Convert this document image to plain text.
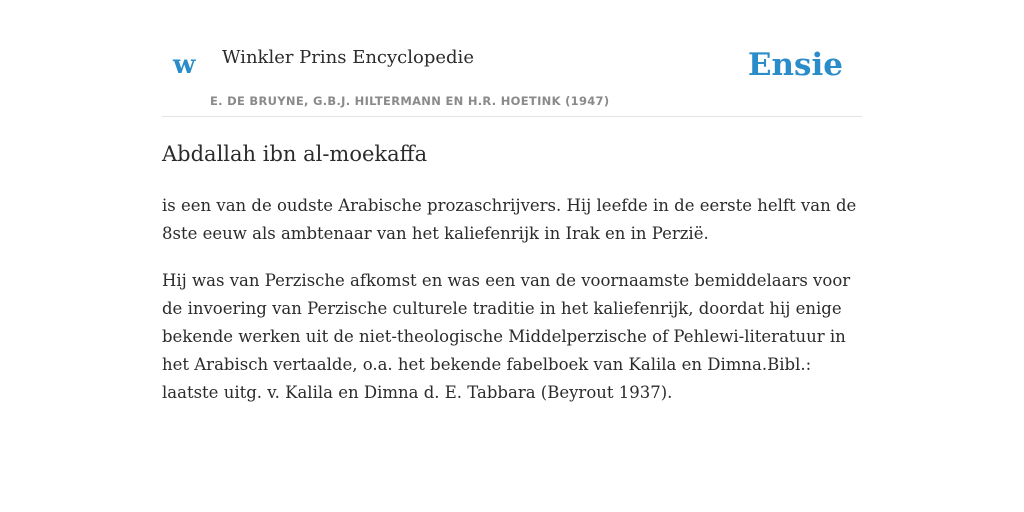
w Winkler Prins Encyclopedie
E. DE BRUYNE, G.B.J. HILTERMANN EN H.R. HOETINK (1947)
Ensie
Abdallah ibn al-moekaffa

is een van de oudste Arabische prozaschrijvers. Hij leefde in de eerste helft van de 8ste eeuw als ambtenaar van het kaliefenrijk in Irak en in Perzië.

Hij was van Perzische afkomst en was een van de voornaamste bemiddelaars voor de invoering van Perzische culturele traditie in het kaliefenrijk, doordat hij enige bekende werken uit de niet-theologische Middelperzische of Pehlewi-literatuur in het Arabisch vertaalde, o.a. het bekende fabelboek van Kalila en Dimna.Bibl.: laatste uitg. v. Kalila en Dimna d. E. Tabbara (Beyrout 1937).
